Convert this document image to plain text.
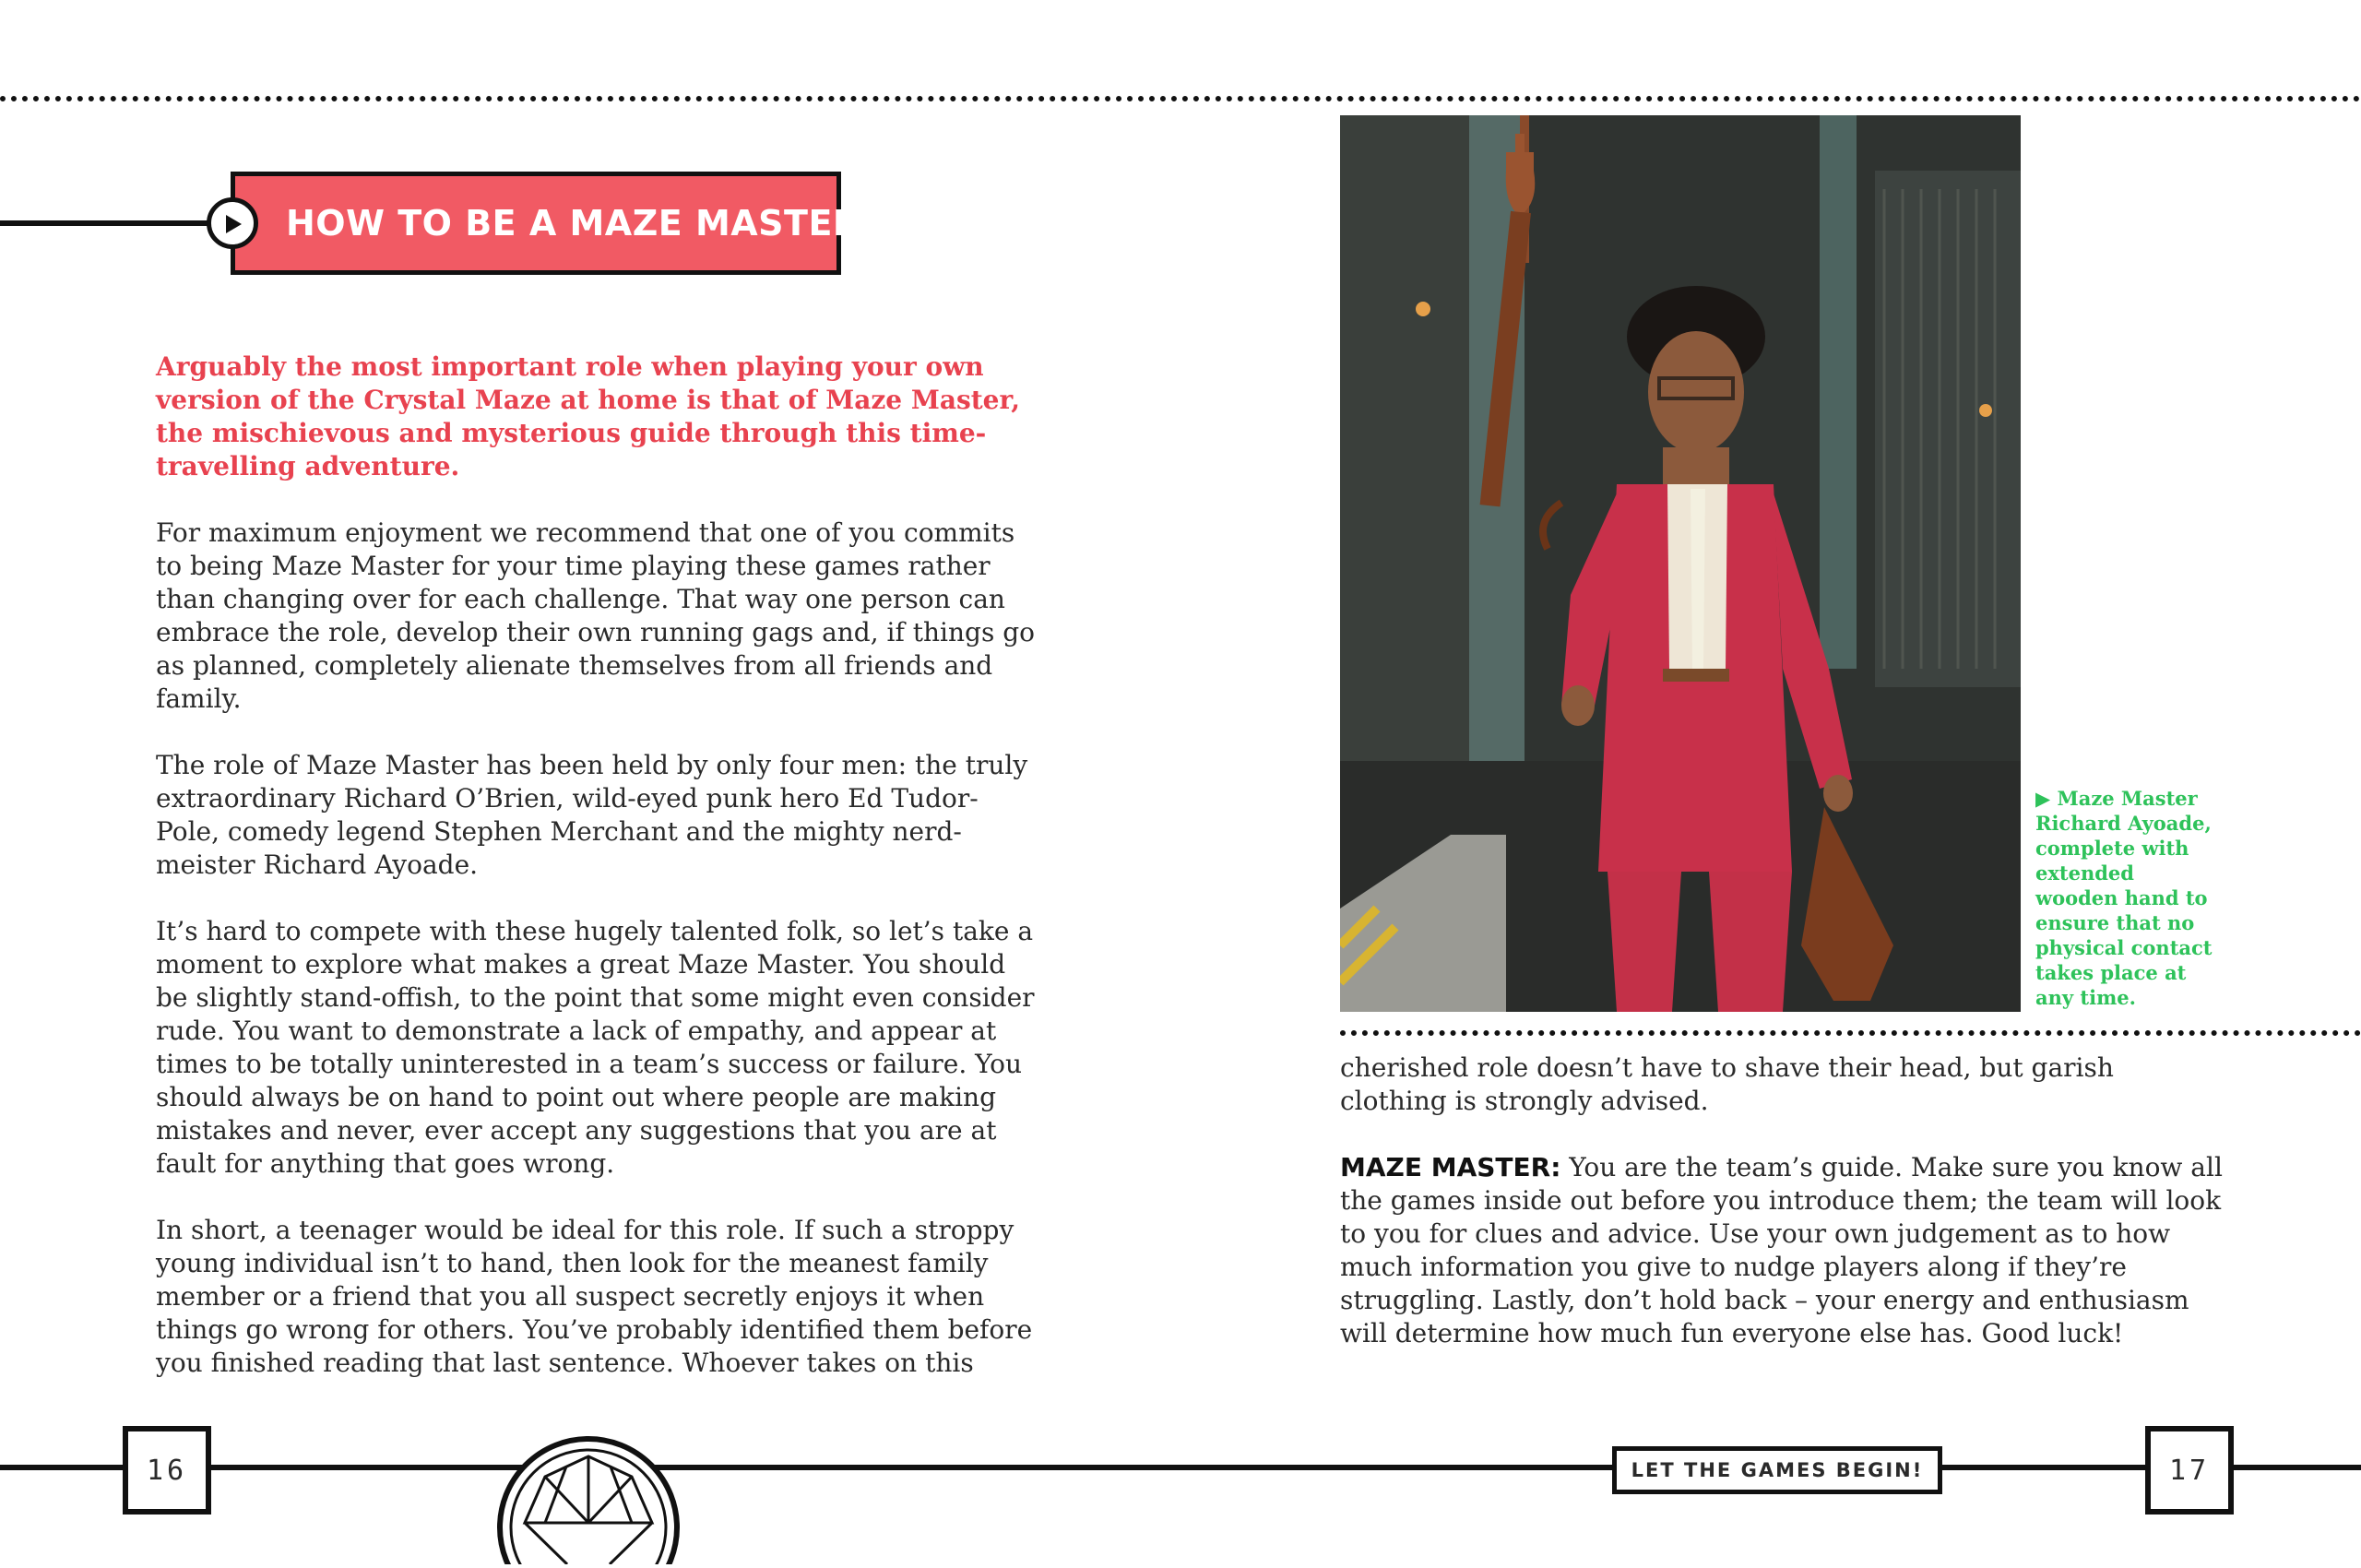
HOW TO BE A MAZE MASTER

Arguably the most important role when playing your own version of the Crystal Maze at home is that of Maze Master, the mischievous and mysterious guide through this time-travelling adventure.

For maximum enjoyment we recommend that one of you commits to being Maze Master for your time playing these games rather than changing over for each challenge. That way one person can embrace the role, develop their own running gags and, if things go as planned, completely alienate themselves from all friends and family.

The role of Maze Master has been held by only four men: the truly extraordinary Richard O’Brien, wild-eyed punk hero Ed Tudor-Pole, comedy legend Stephen Merchant and the mighty nerd-meister Richard Ayoade.

It’s hard to compete with these hugely talented folk, so let’s take a moment to explore what makes a great Maze Master. You should be slightly stand-offish, to the point that some might even consider rude. You want to demonstrate a lack of empathy, and appear at times to be totally uninterested in a team’s success or failure. You should always be on hand to point out where people are making mistakes and never, ever accept any suggestions that you are at fault for anything that goes wrong.

In short, a teenager would be ideal for this role. If such a stroppy young individual isn’t to hand, then look for the meanest family member or a friend that you all suspect secretly enjoys it when things go wrong for others. You’ve probably identified them before you finished reading that last sentence. Whoever takes on this

▶ Maze Master Richard Ayoade, complete with extended wooden hand to ensure that no physical contact takes place at any time.

cherished role doesn’t have to shave their head, but garish clothing is strongly advised.

MAZE MASTER: You are the team’s guide. Make sure you know all the games inside out before you introduce them; the team will look to you for clues and advice. Use your own judgement as to how much information you give to nudge players along if they’re struggling. Lastly, don’t hold back – your energy and enthusiasm will determine how much fun everyone else has. Good luck!

16	17
LET THE GAMES BEGIN!
